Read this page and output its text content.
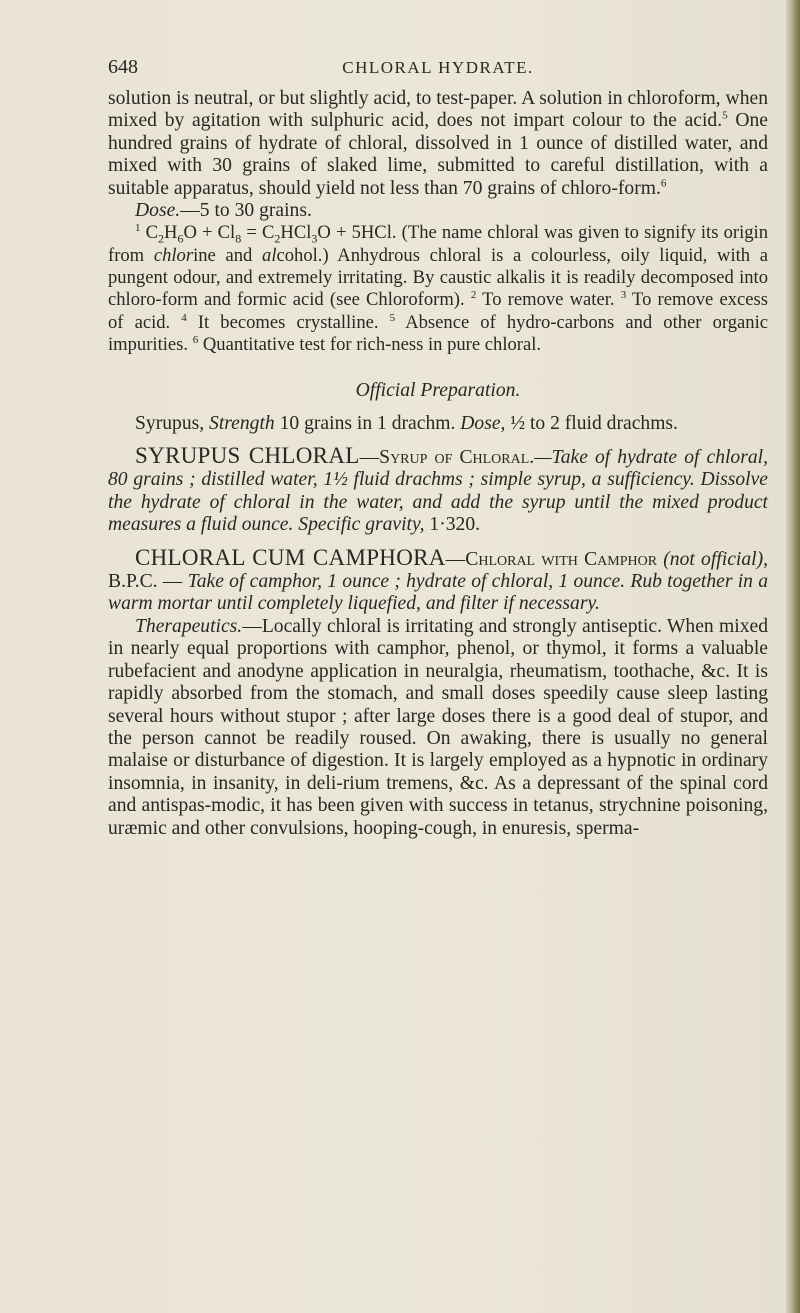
648	CHLORAL HYDRATE.

solution is neutral, or but slightly acid, to test-paper. A solution in chloroform, when mixed by agitation with sulphuric acid, does not impart colour to the acid.$^5$ One hundred grains of hydrate of chloral, dissolved in 1 ounce of distilled water, and mixed with 30 grains of slaked lime, submitted to careful distillation, with a suitable apparatus, should yield not less than 70 grains of chloro-form.$^6$

Dose.—5 to 30 grains.

$^1$ $C_2H_6O + Cl_8 = C_2HCl_3O + 5HCl$. (The name chloral was given to signify its origin from chlorine and alcohol.) Anhydrous chloral is a colourless, oily liquid, with a pungent odour, and extremely irritating. By caustic alkalis it is readily decomposed into chloro-form and formic acid (see Chloroform). $^2$ To remove water. $^3$ To remove excess of acid. $^4$ It becomes crystalline. $^5$ Absence of hydro-carbons and other organic impurities. $^6$ Quantitative test for rich-ness in pure chloral.

Official Preparation.

Syrupus, Strength 10 grains in 1 drachm. Dose, ½ to 2 fluid drachms.

SYRUPUS CHLORAL—Syrup of Chloral.—Take of hydrate of chloral, 80 grains ; distilled water, 1½ fluid drachms ; simple syrup, a sufficiency. Dissolve the hydrate of chloral in the water, and add the syrup until the mixed product measures a fluid ounce. Specific gravity, 1·320.

CHLORAL CUM CAMPHORA—Chloral with Camphor (not official), B.P.C. — Take of camphor, 1 ounce ; hydrate of chloral, 1 ounce. Rub together in a warm mortar until completely liquefied, and filter if necessary.

Therapeutics.—Locally chloral is irritating and strongly antiseptic. When mixed in nearly equal proportions with camphor, phenol, or thymol, it forms a valuable rubefacient and anodyne application in neuralgia, rheumatism, toothache, &c. It is rapidly absorbed from the stomach, and small doses speedily cause sleep lasting several hours without stupor ; after large doses there is a good deal of stupor, and the person cannot be readily roused. On awaking, there is usually no general malaise or disturbance of digestion. It is largely employed as a hypnotic in ordinary insomnia, in insanity, in deli-rium tremens, &c. As a depressant of the spinal cord and antispas-modic, it has been given with success in tetanus, strychnine poisoning, uræmic and other convulsions, hooping-cough, in enuresis, sperma-
